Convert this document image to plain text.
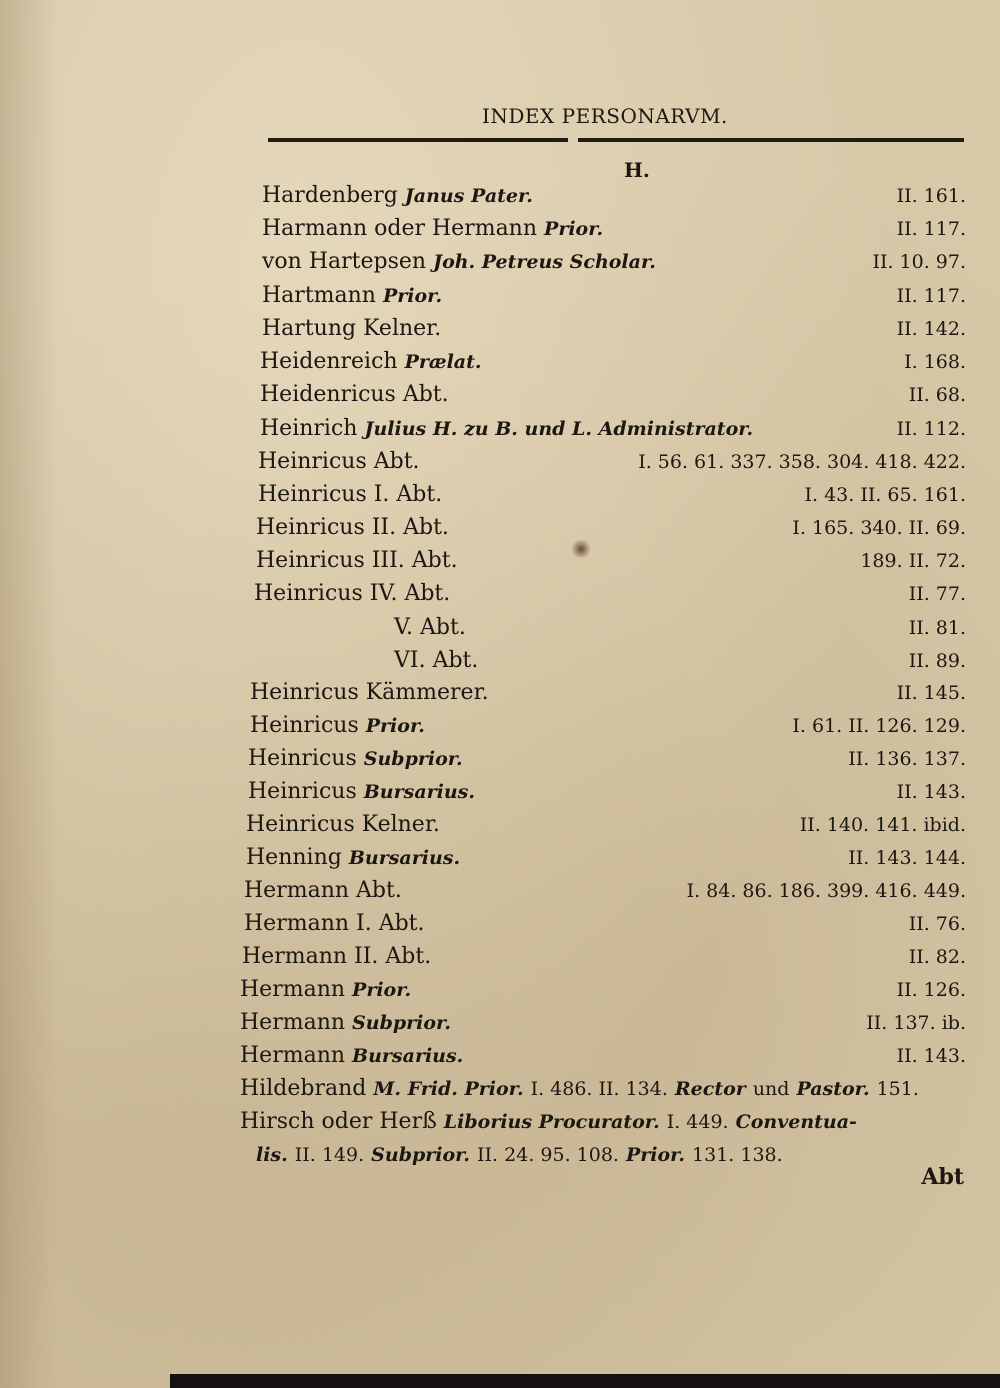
INDEX PERSONARVM.
H.
Hardenberg Janus Pater.	II. 161.
Harmann oder Hermann Prior.	II. 117.
von Hartepsen Joh. Petreus Scholar.	II. 10. 97.
Hartmann Prior.	II. 117.
Hartung Kelner.	II. 142.
Heidenreich Prælat.	I. 168.
Heidenricus Abt.	II. 68.
Heinrich Julius H. zu B. und L. Administrator.	II. 112.
Heinricus Abt.	I. 56. 61. 337. 358. 304. 418. 422.
Heinricus I. Abt.	I. 43. II. 65. 161.
Heinricus II. Abt.	I. 165. 340. II. 69.
Heinricus III. Abt.	189. II. 72.
Heinricus IV. Abt.	II. 77.
V. Abt.	II. 81.
VI. Abt.	II. 89.
Heinricus Kämmerer.	II. 145.
Heinricus Prior.	I. 61. II. 126. 129.
Heinricus Subprior.	II. 136. 137.
Heinricus Bursarius.	II. 143.
Heinricus Kelner.	II. 140. 141. ibid.
Henning Bursarius.	II. 143. 144.
Hermann Abt.	I. 84. 86. 186. 399. 416. 449.
Hermann I. Abt.	II. 76.
Hermann II. Abt.	II. 82.
Hermann Prior.	II. 126.
Hermann Subprior.	II. 137. ib.
Hermann Bursarius.	II. 143.
Hildebrand M. Frid. Prior. I. 486. II. 134. Rector und Pastor. 151.
Hirsch oder Herß Liborius Procurator. I. 449. Conventua-
lis. II. 149. Subprior. II. 24. 95. 108. Prior. 131. 138.
Abt
